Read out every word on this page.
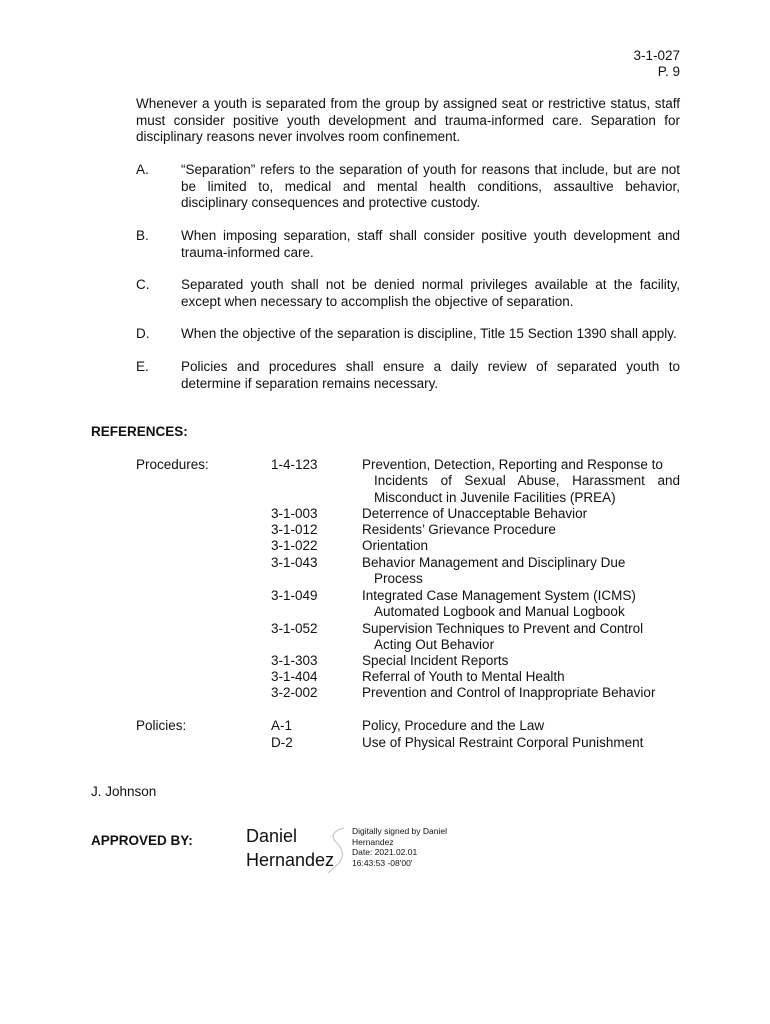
3-1-027
P. 9
Whenever a youth is separated from the group by assigned seat or restrictive status, staff must consider positive youth development and trauma-informed care. Separation for disciplinary reasons never involves room confinement.
A. “Separation” refers to the separation of youth for reasons that include, but are not be limited to, medical and mental health conditions, assaultive behavior, disciplinary consequences and protective custody.
B. When imposing separation, staff shall consider positive youth development and trauma-informed care.
C. Separated youth shall not be denied normal privileges available at the facility, except when necessary to accomplish the objective of separation.
D. When the objective of the separation is discipline, Title 15 Section 1390 shall apply.
E. Policies and procedures shall ensure a daily review of separated youth to determine if separation remains necessary.
REFERENCES:
Procedures:	1-4-123	Prevention, Detection, Reporting and Response to
Incidents of Sexual Abuse, Harassment and Misconduct in Juvenile Facilities (PREA)
3-1-003	Deterrence of Unacceptable Behavior
3-1-012	Residents’ Grievance Procedure
3-1-022	Orientation
3-1-043	Behavior Management and Disciplinary Due
Process
3-1-049	Integrated Case Management System (ICMS)
Automated Logbook and Manual Logbook
3-1-052	Supervision Techniques to Prevent and Control
Acting Out Behavior
3-1-303	Special Incident Reports
3-1-404	Referral of Youth to Mental Health
3-2-002	Prevention and Control of Inappropriate Behavior
Policies:	A-1	Policy, Procedure and the Law
D-2	Use of Physical Restraint Corporal Punishment
J. Johnson
APPROVED BY:	Daniel
Hernandez
Digitally signed by Daniel
Hernandez
Date: 2021.02.01
16:43:53 -08'00'
